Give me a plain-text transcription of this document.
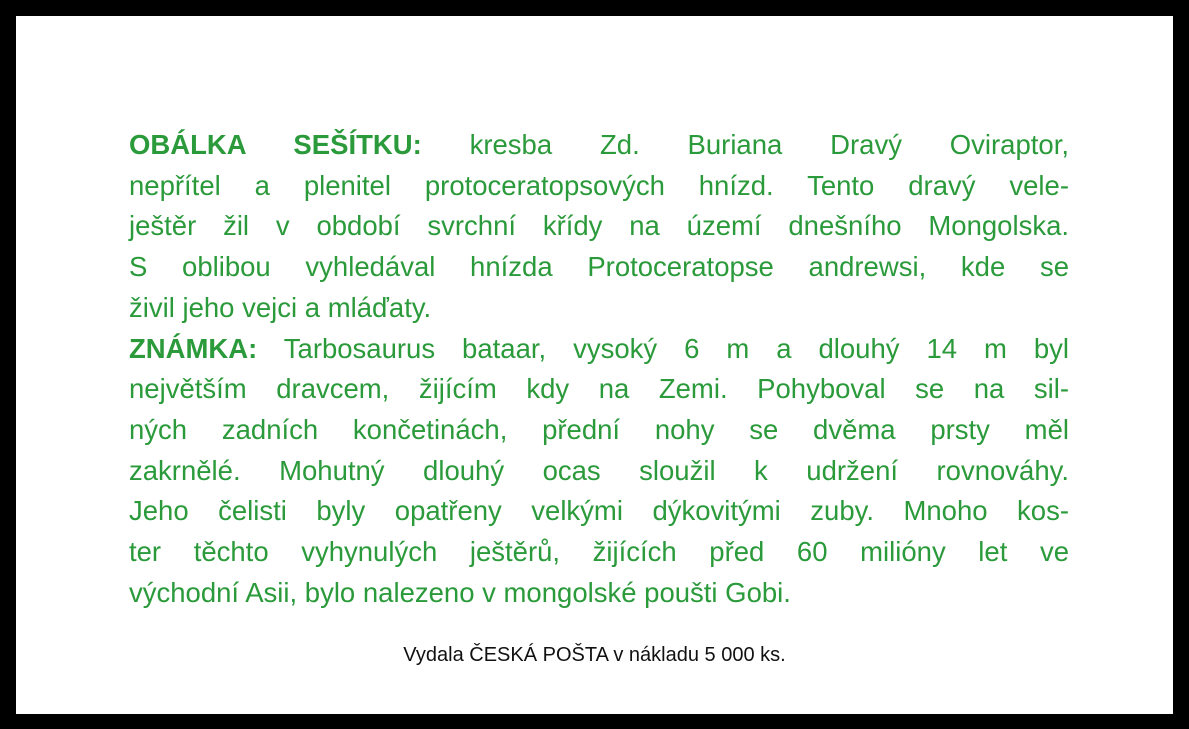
OBÁLKA SEŠÍTKU: kresba Zd. Buriana Dravý Oviraptor,
nepřítel a plenitel protoceratopsových hnízd. Tento dravý vele-
ještěr žil v období svrchní křídy na území dnešního Mongolska.
S oblibou vyhledával hnízda Protoceratopse andrewsi, kde se
živil jeho vejci a mláďaty.
ZNÁMKA: Tarbosaurus bataar, vysoký 6 m a dlouhý 14 m byl
největším dravcem, žijícím kdy na Zemi. Pohyboval se na sil-
ných zadních končetinách, přední nohy se dvěma prsty měl
zakrnělé. Mohutný dlouhý ocas sloužil k udržení rovnováhy.
Jeho čelisti byly opatřeny velkými dýkovitými zuby. Mnoho kos-
ter těchto vyhynulých ještěrů, žijících před 60 milióny let ve
východní Asii, bylo nalezeno v mongolské poušti Gobi.
Vydala ČESKÁ POŠTA v nákladu 5 000 ks.
